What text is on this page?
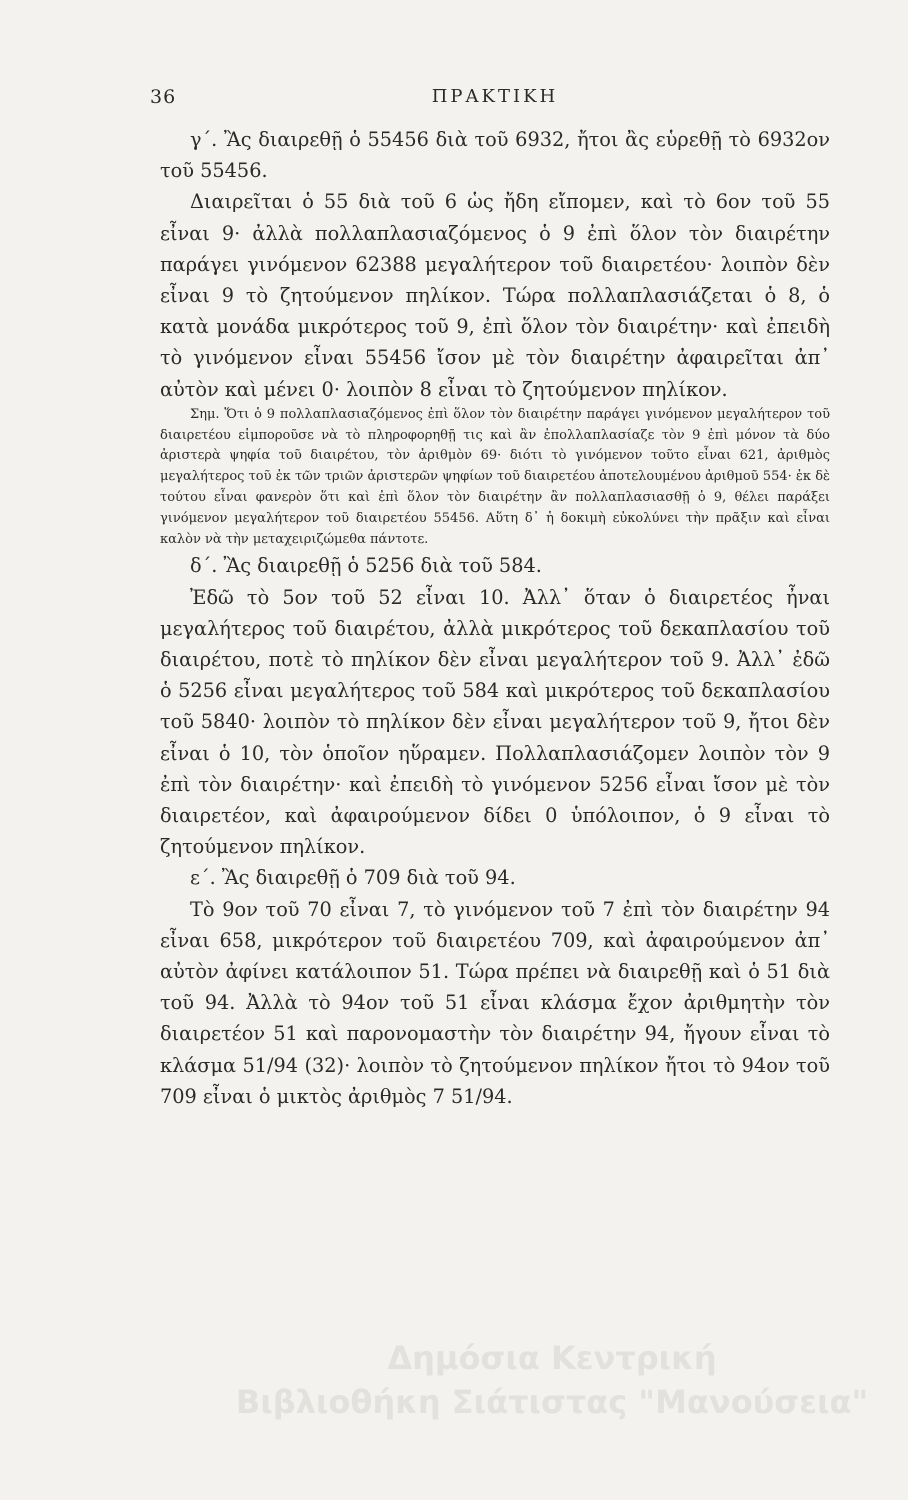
36	ΠΡΑΚΤΙΚΗ

γ΄. Ἂς διαιρεθῇ ὁ 55456 διὰ τοῦ 6932, ἤτοι ἂς εὑρεθῇ τὸ 6932ον τοῦ 55456.

Διαιρεῖται ὁ 55 διὰ τοῦ 6 ὡς ἤδη εἴπομεν, καὶ τὸ 6ον τοῦ 55 εἶναι 9· ἀλλὰ πολλαπλασιαζόμενος ὁ 9 ἐπὶ ὅλον τὸν διαιρέτην παράγει γινόμενον 62388 μεγαλήτερον τοῦ διαιρετέου· λοιπὸν δὲν εἶναι 9 τὸ ζητούμενον πηλίκον. Τώρα πολλαπλασιάζεται ὁ 8, ὁ κατὰ μονάδα μικρότερος τοῦ 9, ἐπὶ ὅλον τὸν διαιρέτην· καὶ ἐπειδὴ τὸ γινόμενον εἶναι 55456 ἴσον μὲ τὸν διαιρέτην ἀφαιρεῖται ἀπ᾽ αὐτὸν καὶ μένει 0· λοιπὸν 8 εἶναι τὸ ζητούμενον πηλίκον.

Σημ. Ὅτι ὁ 9 πολλαπλασιαζόμενος ἐπὶ ὅλον τὸν διαιρέτην παράγει γινόμενον μεγαλήτερον τοῦ διαιρετέου εἰμποροῦσε νὰ τὸ πληροφορηθῇ τις καὶ ἂν ἐπολλαπλασίαζε τὸν 9 ἐπὶ μόνον τὰ δύο ἀριστερὰ ψηφία τοῦ διαιρέτου, τὸν ἀριθμὸν 69· διότι τὸ γινόμενον τοῦτο εἶναι 621, ἀριθμὸς μεγαλήτερος τοῦ ἐκ τῶν τριῶν ἀριστερῶν ψηφίων τοῦ διαιρετέου ἀποτελουμένου ἀριθμοῦ 554· ἐκ δὲ τούτου εἶναι φανερὸν ὅτι καὶ ἐπὶ ὅλον τὸν διαιρέτην ἂν πολλαπλασιασθῇ ὁ 9, θέλει παράξει γινόμενον μεγαλήτερον τοῦ διαιρετέου 55456. Αὕτη δ᾽ ἡ δοκιμὴ εὐκολύνει τὴν πρᾶξιν καὶ εἶναι καλὸν νὰ τὴν μεταχειριζώμεθα πάντοτε.

δ΄. Ἂς διαιρεθῇ ὁ 5256 διὰ τοῦ 584.

Ἐδῶ τὸ 5ον τοῦ 52 εἶναι 10. Ἀλλ᾽ ὅταν ὁ διαιρετέος ἦναι μεγαλήτερος τοῦ διαιρέτου, ἀλλὰ μικρότερος τοῦ δεκαπλασίου τοῦ διαιρέτου, ποτὲ τὸ πηλίκον δὲν εἶναι μεγαλήτερον τοῦ 9. Ἀλλ᾽ ἐδῶ ὁ 5256 εἶναι μεγαλήτερος τοῦ 584 καὶ μικρότερος τοῦ δεκαπλασίου τοῦ 5840· λοιπὸν τὸ πηλίκον δὲν εἶναι μεγαλήτερον τοῦ 9, ἤτοι δὲν εἶναι ὁ 10, τὸν ὁποῖον ηὕραμεν. Πολλαπλασιάζομεν λοιπὸν τὸν 9 ἐπὶ τὸν διαιρέτην· καὶ ἐπειδὴ τὸ γινόμενον 5256 εἶναι ἴσον μὲ τὸν διαιρετέον, καὶ ἀφαιρούμενον δίδει 0 ὑπόλοιπον, ὁ 9 εἶναι τὸ ζητούμενον πηλίκον.

ε΄. Ἂς διαιρεθῇ ὁ 709 διὰ τοῦ 94.

Τὸ 9ον τοῦ 70 εἶναι 7, τὸ γινόμενον τοῦ 7 ἐπὶ τὸν διαιρέτην 94 εἶναι 658, μικρότερον τοῦ διαιρετέου 709, καὶ ἀφαιρούμενον ἀπ᾽ αὐτὸν ἀφίνει κατάλοιπον 51. Τώρα πρέπει νὰ διαιρεθῇ καὶ ὁ 51 διὰ τοῦ 94. Ἀλλὰ τὸ 94ον τοῦ 51 εἶναι κλάσμα ἔχον ἀριθμητὴν τὸν διαιρετέον 51 καὶ παρονομαστὴν τὸν διαιρέτην 94, ἤγουν εἶναι τὸ κλάσμα 51/94 (32)· λοιπὸν τὸ ζητούμενον πηλίκον ἤτοι τὸ 94ον τοῦ 709 εἶναι ὁ μικτὸς ἀριθμὸς 7 51/94.

Δημόσια Κεντρική
Βιβλιοθήκη Σιάτιστας "Μανούσεια"
